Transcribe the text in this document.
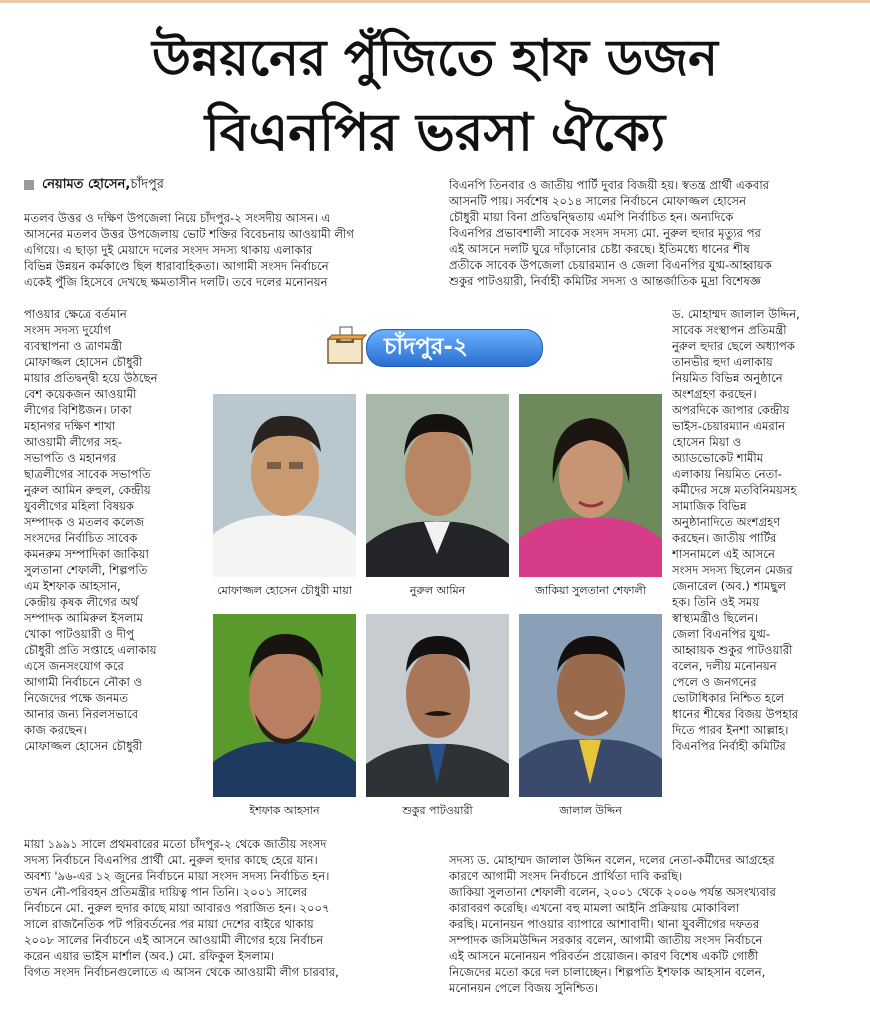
উন্নয়নের পুঁজিতে হাফ ডজন
বিএনপির ভরসা ঐক্যে
নেয়ামত হোসেন, চাঁদপুর
মতলব উত্তর ও দক্ষিণ উপজেলা নিয়ে চাঁদপুর-২ সংসদীয় আসন। এ
আসনের মতলব উত্তর উপজেলায় ভোট শক্তির বিবেচনায় আওয়ামী লীগ
এগিয়ে। এ ছাড়া দুই মেয়াদে দলের সংসদ সদস্য থাকায় এলাকার
বিভিন্ন উন্নয়ন কর্মকাণ্ডে ছিল ধারাবাহিকতা। আগামী সংসদ নির্বাচনে
একেই পুঁজি হিসেবে দেখছে ক্ষমতাসীন দলটি। তবে দলের মনোনয়ন
পাওয়ার ক্ষেত্রে বর্তমান
সংসদ সদস্য দুর্যোগ
ব্যবস্থাপনা ও ত্রাণমন্ত্রী
মোফাজ্জল হোসেন চৌধুরী
মায়ার প্রতিদ্বন্দ্বী হয়ে উঠছেন
বেশ কয়েকজন আওয়ামী
লীগের বিশিষ্টজন। ঢাকা
মহানগর দক্ষিণ শাখা
আওয়ামী লীগের সহ-
সভাপতি ও মহানগর
ছাত্রলীগের সাবেক সভাপতি
নুরুল আমিন রুহুল, কেন্দ্রীয়
যুবলীগের মহিলা বিষয়ক
সম্পাদক ও মতলব কলেজ
সংসদের নির্বাচিত সাবেক
কমনরুম সম্পাদিকা জাকিয়া
সুলতানা শেফালী, শিল্পপতি
এম ইশফাক আহসান,
কেন্দ্রীয় কৃষক লীগের অর্থ
সম্পাদক আমিরুল ইসলাম
খোকা পাটওয়ারী ও দীপু
চৌধুরী প্রতি সপ্তাহে এলাকায়
এসে জনসংযোগ করে
আগামী নির্বাচনে নৌকা ও
নিজেদের পক্ষে জনমত
আনার জন্য নিরলসভাবে
কাজ করছেন।
মোফাজ্জল হোসেন চৌধুরী
মায়া ১৯৯১ সালে প্রথমবারের মতো চাঁদপুর-২ থেকে জাতীয় সংসদ
সদস্য নির্বাচনে বিএনপির প্রার্থী মো. নুরুল হুদার কাছে হেরে যান।
অবশ্য '৯৬-এর ১২ জুনের নির্বাচনে মায়া সংসদ সদস্য নির্বাচিত হন।
তখন নৌ-পরিবহন প্রতিমন্ত্রীর দায়িত্ব পান তিনি। ২০০১ সালের
নির্বাচনে মো. নুরুল হুদার কাছে মায়া আবারও পরাজিত হন। ২০০৭
সালে রাজনৈতিক পট পরিবর্তনের পর মায়া দেশের বাইরে থাকায়
২০০৮ সালের নির্বাচনে এই আসনে আওয়ামী লীগের হয়ে নির্বাচন
করেন এয়ার ভাইস মার্শাল (অব.) মো. রফিকুল ইসলাম।
বিগত সংসদ নির্বাচনগুলোতে এ আসন থেকে আওয়ামী লীগ চারবার,
বিএনপি তিনবার ও জাতীয় পার্টি দুবার বিজয়ী হয়। স্বতন্ত্র প্রার্থী একবার
আসনটি পায়। সর্বশেষ ২০১৪ সালের নির্বাচনে মোফাজ্জল হোসেন
চৌধুরী মায়া বিনা প্রতিদ্বন্দ্বিতায় এমপি নির্বাচিত হন। অন্যদিকে
বিএনপির প্রভাবশালী সাবেক সংসদ সদস্য মো. নুরুল হুদার মৃত্যুর পর
এই আসনে দলটি ঘুরে দাঁড়ানোর চেষ্টা করছে। ইতিমধ্যে ধানের শীষ
প্রতীকে সাবেক উপজেলা চেয়ারম্যান ও জেলা বিএনপির যুগ্ম-আহ্বায়ক
শুকুর পাটওয়ারী, নির্বাহী কমিটির সদস্য ও আন্তর্জাতিক মুদ্রা বিশেষজ্ঞ
ড. মোহাম্মদ জালাল উদ্দিন,
সাবেক সংস্থাপন প্রতিমন্ত্রী
নুরুল হুদার ছেলে অধ্যাপক
তানভীর হুদা এলাকায়
নিয়মিত বিভিন্ন অনুষ্ঠানে
অংশগ্রহণ করছেন।
অপরদিকে জাপার কেন্দ্রীয়
ভাইস-চেয়ারম্যান এমরান
হোসেন মিয়া ও
অ্যাডভোকেট শামীম
এলাকায় নিয়মিত নেতা-
কর্মীদের সঙ্গে মতবিনিময়সহ
সামাজিক বিভিন্ন
অনুষ্ঠানাদিতে অংশগ্রহণ
করছেন। জাতীয় পার্টির
শাসনামলে এই আসনে
সংসদ সদস্য ছিলেন মেজর
জেনারেল (অব.) শামছুল
হক। তিনি ওই সময়
স্বাস্থ্যমন্ত্রীও ছিলেন।
জেলা বিএনপির যুগ্ম-
আহ্বায়ক শুকুর পাটওয়ারী
বলেন, দলীয় মনোনয়ন
পেলে ও জনগনের
ভোটাধিকার নিশ্চিত হলে
ধানের শীষের বিজয় উপহার
দিতে পারব ইনশা আল্লাহ।
বিএনপির নির্বাহী কমিটির
সদস্য ড. মোহাম্মদ জালাল উদ্দিন বলেন, দলের নেতা-কর্মীদের আগ্রহের
কারণে আগামী সংসদ নির্বাচনে প্রার্থিতা দাবি করছি।
জাকিয়া সুলতানা শেফালী বলেন, ২০০১ থেকে ২০০৬ পর্যন্ত অসংখ্যবার
কারাবরণ করেছি। এখনো বহু মামলা আইনি প্রক্রিয়ায় মোকাবিলা
করছি। মনোনয়ন পাওয়ার ব্যাপারে আশাবাদী। থানা যুবলীগের দফতর
সম্পাদক জসিমউদ্দিন সরকার বলেন, আগামী জাতীয় সংসদ নির্বাচনে
এই আসনে মনোনয়ন পরিবর্তন প্রয়োজন। কারণ বিশেষ একটি গোষ্ঠী
নিজেদের মতো করে দল চালাচ্ছেন। শিল্পপতি ইশফাক আহসান বলেন,
মনোনয়ন পেলে বিজয় সুনিশ্চিত।
চাঁদপুর-২
মোফাজ্জল হোসেন চৌধুরী মায়া	নুরুল আমিন	জাকিয়া সুলতানা শেফালী
ইশফাক আহসান	শুকুর পাটওয়ারী	জালাল উদ্দিন
